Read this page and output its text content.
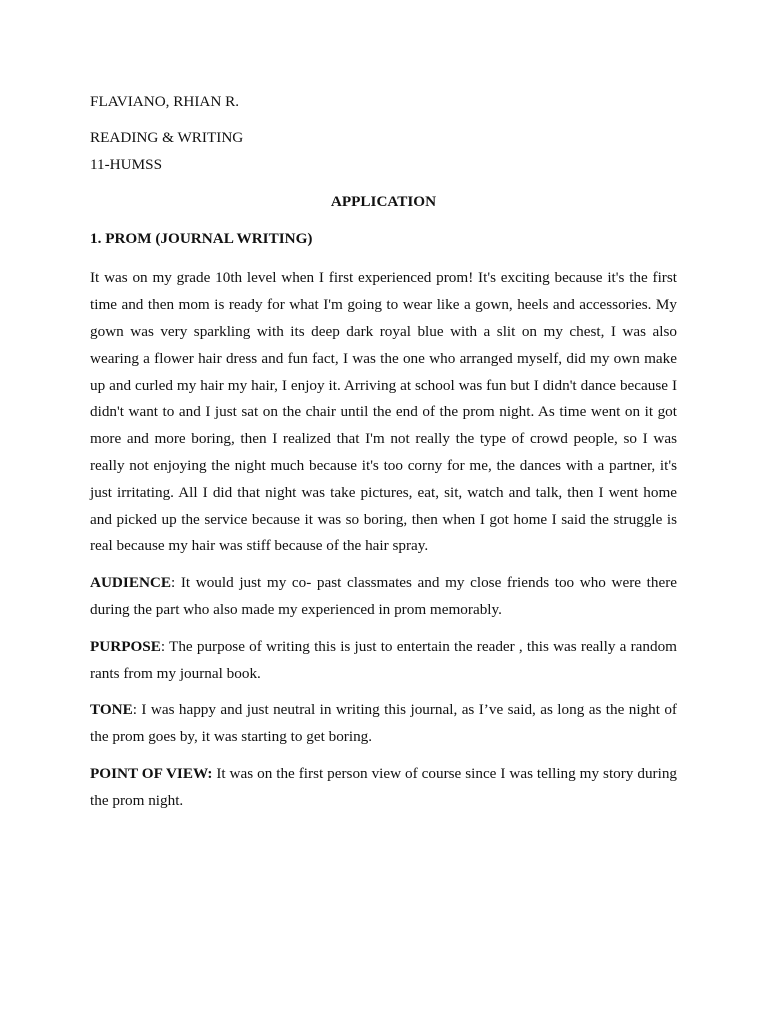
FLAVIANO, RHIAN R.

READING & WRITING

11-HUMSS

APPLICATION

1. PROM (JOURNAL WRITING)

It was on my grade 10th level when I first experienced prom! It's exciting because it's the first time and then mom is ready for what I'm going to wear like a gown, heels and accessories. My gown was very sparkling with its deep dark royal blue with a slit on my chest, I was also wearing a flower hair dress and fun fact, I was the one who arranged myself, did my own make up and curled my hair my hair, I enjoy it. Arriving at school was fun but I didn't dance because I didn't want to and I just sat on the chair until the end of the prom night. As time went on it got more and more boring, then I realized that I'm not really the type of crowd people, so I was really not enjoying the night much because it's too corny for me, the dances with a partner, it's just irritating. All I did that night was take pictures, eat, sit, watch and talk, then I went home and picked up the service because it was so boring, then when I got home I said the struggle is real because my hair was stiff because of the hair spray.

AUDIENCE: It would just my co- past classmates and my close friends too who were there during the part who also made my experienced in prom memorably.

PURPOSE: The purpose of writing this is just to entertain the reader , this was really a random rants from my journal book.

TONE: I was happy and just neutral in writing this journal, as I’ve said, as long as the night of the prom goes by, it was starting to get boring.

POINT OF VIEW: It was on the first person view of course since I was telling my story during the prom night.
